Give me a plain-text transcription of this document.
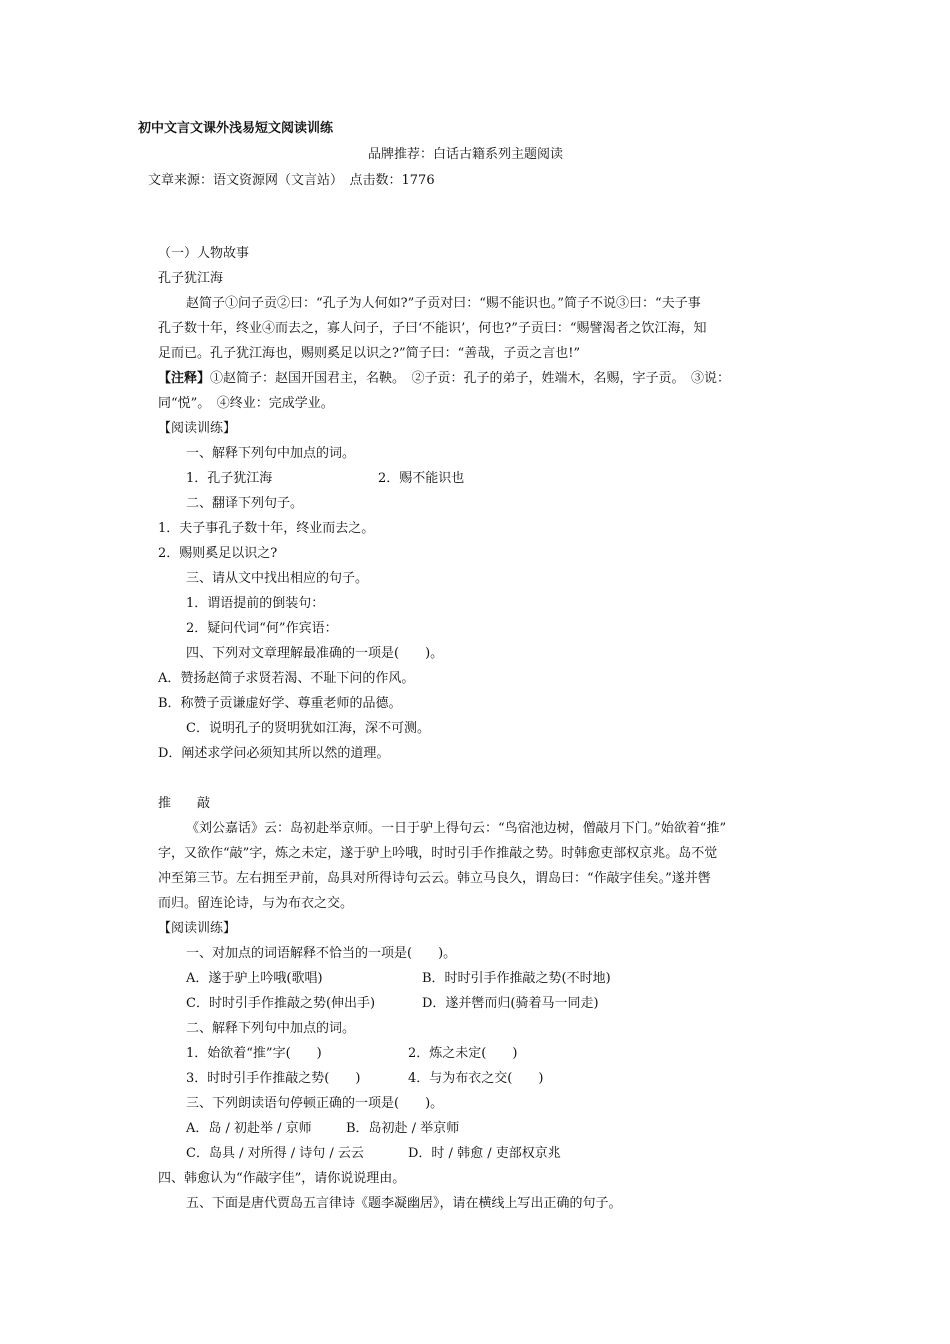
初中文言文课外浅易短文阅读训练
品牌推荐：白话古籍系列主题阅读
文章来源：语文资源网（文言站）　点击数：1776
（一）人物故事
孔子犹江海
赵简子①问子贡②曰：“孔子为人何如?”子贡对曰：“赐不能识也。”简子不说③曰：“夫子事
孔子数十年，终业④而去之，寡人问子，子曰‘不能识’，何也?”子贡曰：“赐譬渴者之饮江海，知
足而已。孔子犹江海也，赐则奚足以识之?”简子曰：“善哉，子贡之言也!”
【注释】①赵简子：赵国开国君主，名鞅。　②子贡：孔子的弟子，姓端木，名赐，字子贡。　③说：
同“悦”。　④终业：完成学业。
【阅读训练】
一、解释下列句中加点的词。
1．孔子犹江海	2．赐不能识也
二、翻译下列句子。
1．夫子事孔子数十年，终业而去之。
2．赐则奚足以识之?
三、请从文中找出相应的句子。
1．谓语提前的倒装句：
2．疑问代词“何”作宾语：
四、下列对文章理解最准确的一项是(　　)。
A．赞扬赵简子求贤若渴、不耻下问的作风。
B．称赞子贡谦虚好学、尊重老师的品德。
C．说明孔子的贤明犹如江海，深不可测。
D．阐述求学问必须知其所以然的道理。
推　　敲
《刘公嘉话》云：岛初赴举京师。一日于驴上得句云：“鸟宿池边树，僧敲月下门。”始欲着“推”
字，又欲作“敲”字，炼之未定，遂于驴上吟哦，时时引手作推敲之势。时韩愈吏部权京兆。岛不觉
冲至第三节。左右拥至尹前，岛具对所得诗句云云。韩立马良久，谓岛曰：“作敲字佳矣。”遂并辔
而归。留连论诗，与为布衣之交。
【阅读训练】
一、对加点的词语解释不恰当的一项是(　　)。
A．遂于驴上吟哦(歌唱)	B．时时引手作推敲之势(不时地)
C．时时引手作推敲之势(伸出手)	D．遂并辔而归(骑着马一同走)
二、解释下列句中加点的词。
1．始欲着“推”字(　　)	2．炼之未定(　　)
3．时时引手作推敲之势(　　)	4．与为布衣之交(　　)
三、下列朗读语句停顿正确的一项是(　　)。
A．岛 / 初赴举 / 京师	B．岛初赴 / 举京师
C．岛具 / 对所得 / 诗句 / 云云	D．时 / 韩愈 / 吏部权京兆
四、韩愈认为“作敲字佳”，请你说说理由。
五、下面是唐代贾岛五言律诗《题李凝幽居》，请在横线上写出正确的句子。
